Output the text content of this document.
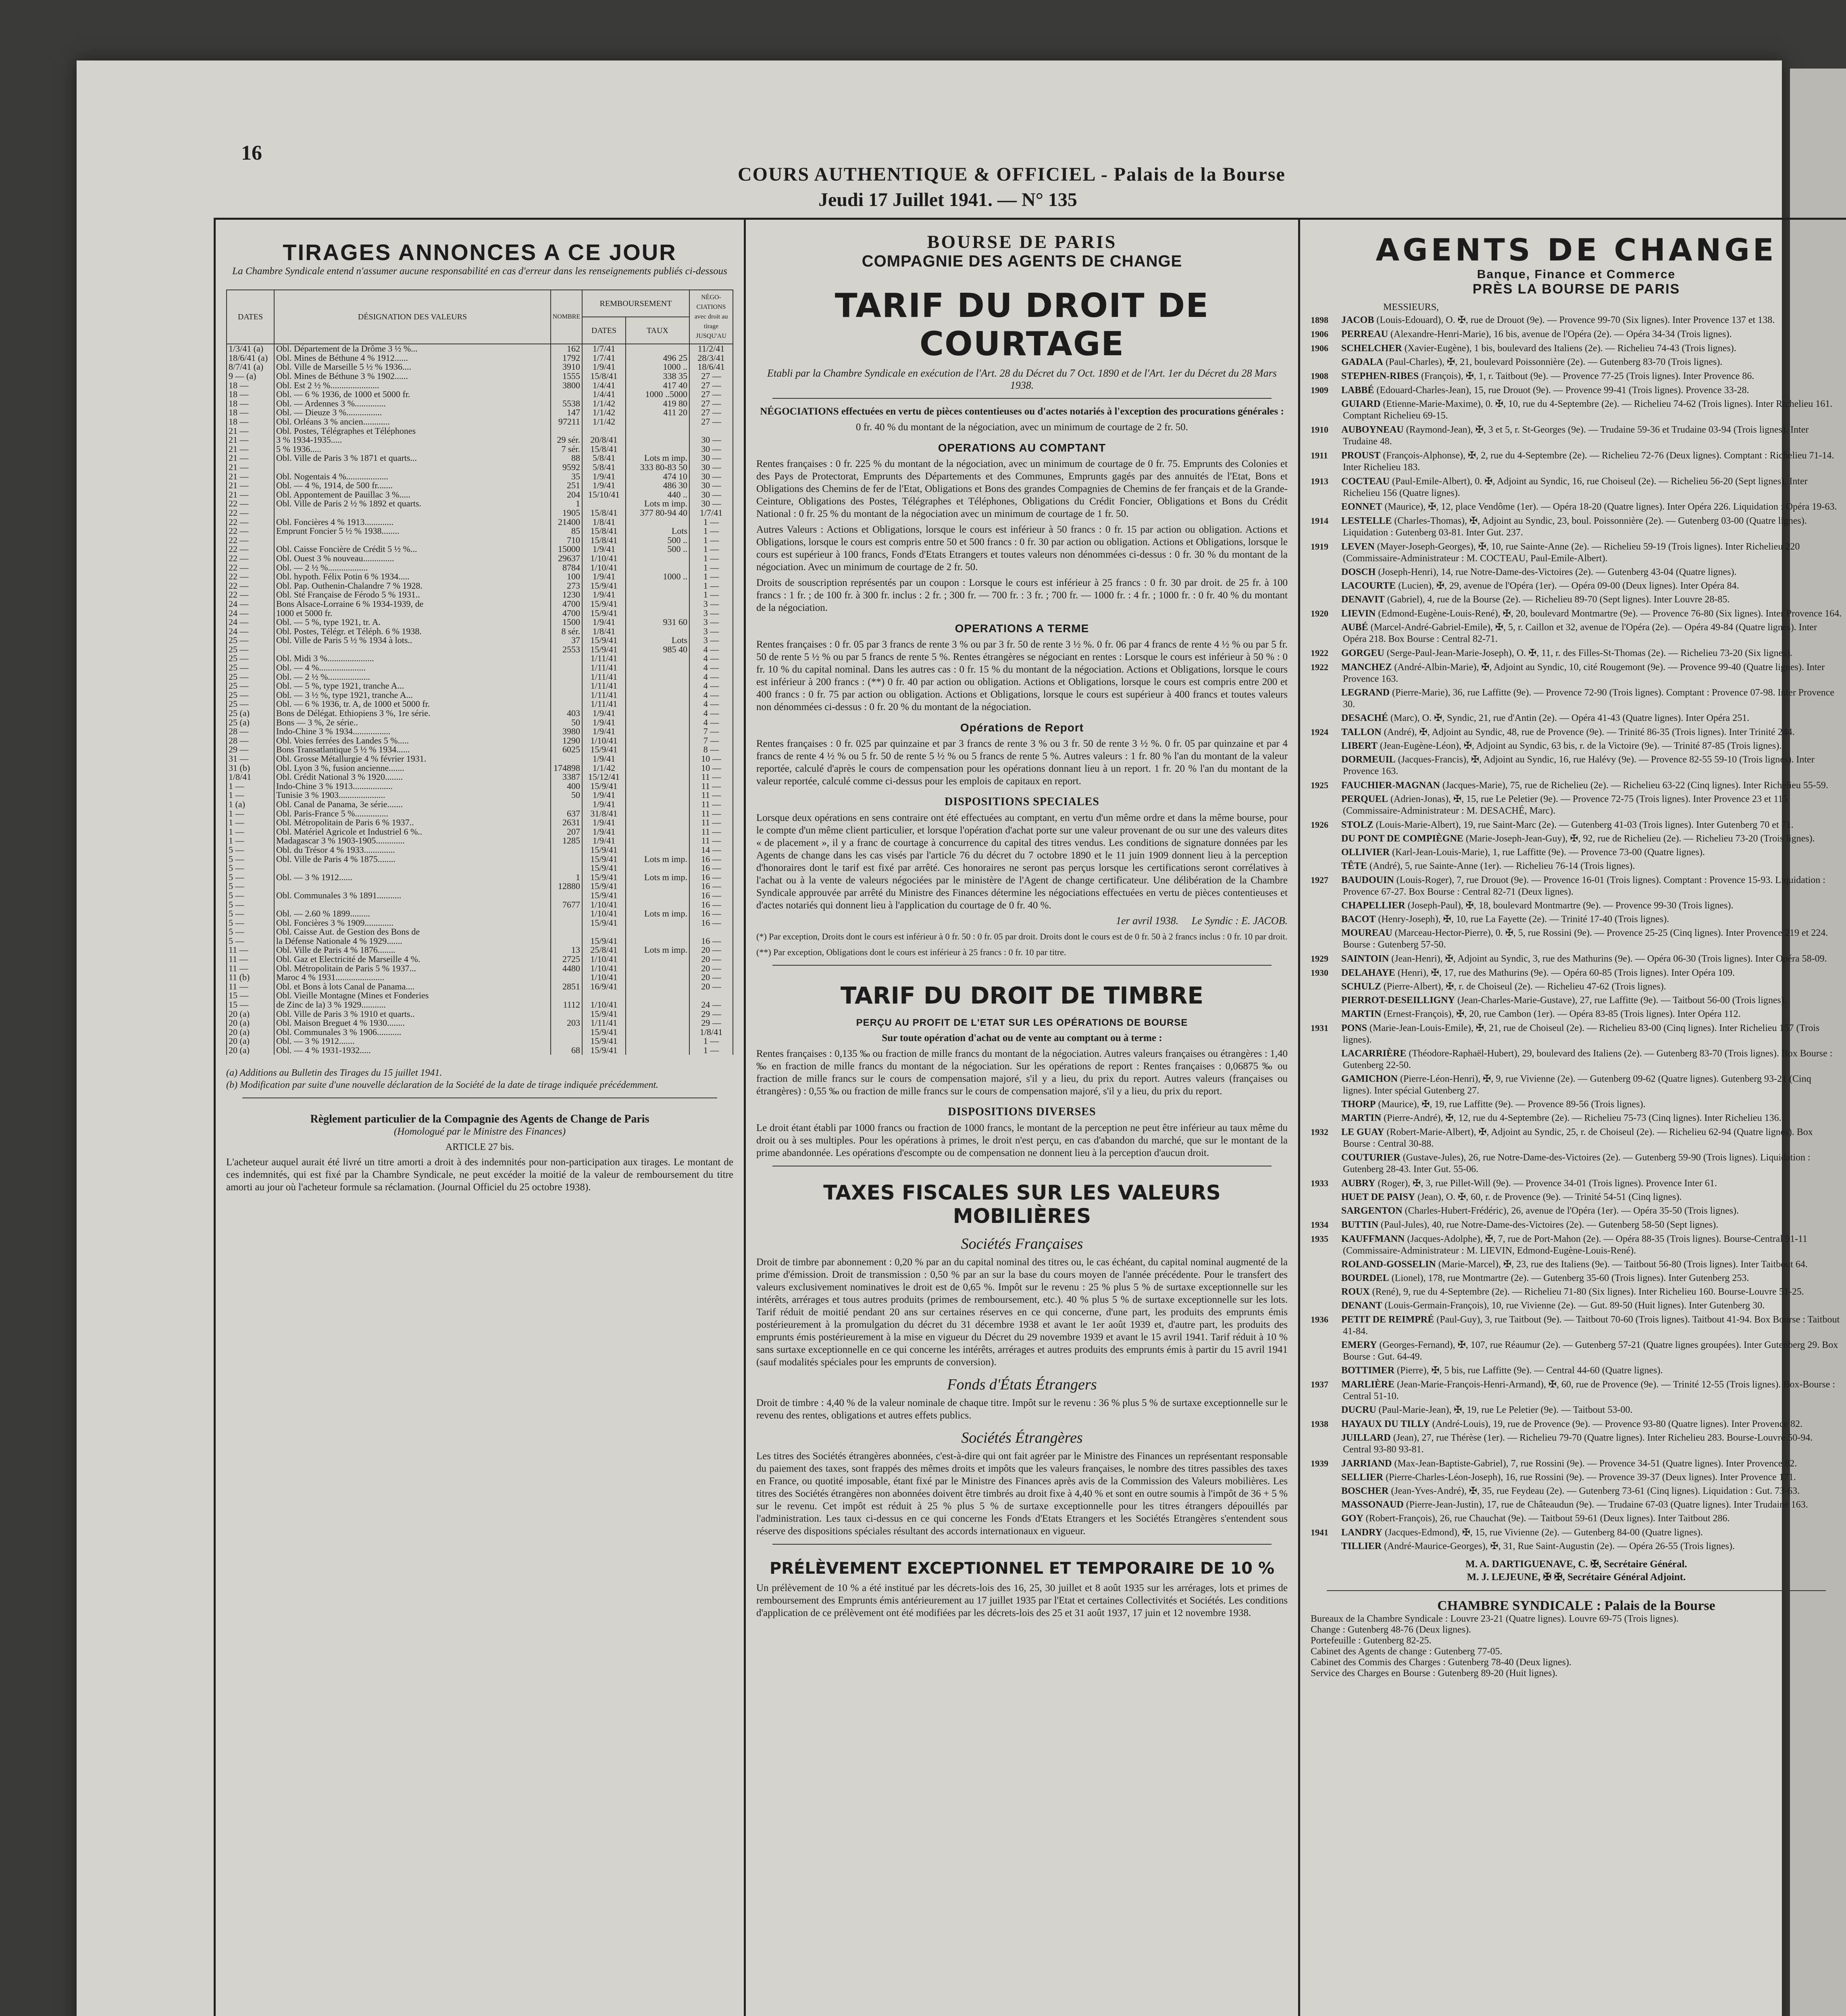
16
COURS AUTHENTIQUE & OFFICIEL - Palais de la Bourse
Jeudi 17 Juillet 1941. — N° 135
TIRAGES ANNONCES A CE JOUR
La Chambre Syndicale entend n'assumer aucune responsabilité en cas d'erreur dans les renseignements publiés ci-dessous
DATES	DÉSIGNATION DES VALEURS	NOMBRE	REMBOURSEMENT		NÉGO-CIATIONS avec droit au tirage JUSQU'AU
			DATES	TAUX	
1/3/41 (a)	Obl. Département de la Drôme 3 ½ %...	162	1/7/41		11/2/41
18/6/41 (a)	Obl. Mines de Béthune 4 % 1912......	1792	1/7/41	496 25	28/3/41
8/7/41 (a)	Obl. Ville de Marseille 5 ½ % 1936....	3910	1/9/41	1000 ..	18/6/41
9 — (a)	Obl. Mines de Béthune 3 % 1902......	1555	15/8/41	338 35	27 —
18 —	Obl. Est 2 ½ %......................	3800	1/4/41	417 40	27 —
18 —	Obl. — 6 % 1936, de 1000 et 5000 fr.		1/4/41	1000 ..5000	27 —
18 —	Obl. — Ardennes 3 %..............	5538	1/1/42	419 80	27 —
18 —	Obl. — Dieuze 3 %................	147	1/1/42	411 20	27 —
18 —	Obl. Orléans 3 % ancien............	97211	1/1/42		27 —
21 —	Obl. Postes, Télégraphes et Téléphones				
21 —	3 % 1934-1935.....	29 sér.	20/8/41		30 —
21 —	5 % 1936.....	7 sér.	15/8/41		30 —
21 —	Obl. Ville de Paris 3 % 1871 et quarts...	88	5/8/41	Lots m imp.	30 —
21 —		9592	5/8/41	333 80-83 50	30 —
21 —	Obl. Nogentais 4 %...................	35	1/9/41	474 10	30 —
21 —	Obl. — 4 %, 1914, de 500 fr.......	251	1/9/41	486 30	30 —
21 —	Obl. Appontement de Pauillac 3 %.....	204	15/10/41	440 ..	30 —
22 —	Obl. Ville de Paris 2 ½ % 1892 et quarts.	1		Lots m imp.	30 —
22 —		1905	15/8/41	377 80-94 40	1/7/41
22 —	Obl. Foncières 4 % 1913.............	21400	1/8/41		1 —
22 —	Emprunt Foncier 5 ½ % 1938........	85	15/8/41	Lots	1 —
22 —		710	15/8/41	500 ..	1 —
22 —	Obl. Caisse Foncière de Crédit 5 ½ %...	15000	1/9/41	500 ..	1 —
22 —	Obl. Ouest 3 % nouveau..............	29637	1/10/41		1 —
22 —	Obl. — 2 ½ %..................	8784	1/10/41		1 —
22 —	Obl. hypoth. Félix Potin 6 % 1934.....	100	1/9/41	1000 ..	1 —
22 —	Obl. Pap. Outhenin-Chalandre 7 % 1928.	273	15/9/41		1 —
22 —	Obl. Sté Française de Férodo 5 % 1931..	1230	1/9/41		1 —
24 —	Bons Alsace-Lorraine 6 % 1934-1939, de	4700	15/9/41		3 —
24 —	1000 et 5000 fr.	4700	15/9/41		3 —
24 —	Obl. — 5 %, type 1921, tr. A.	1500	1/9/41	931 60	3 —
24 —	Obl. Postes, Télégr. et Téléph. 6 % 1938.	8 sér.	1/8/41		3 —
25 —	Obl. Ville de Paris 5 ½ % 1934 à lots..	37	15/9/41	Lots	3 —
25 —		2553	15/9/41	985 40	4 —
25 —	Obl. Midi 3 %.....................		1/11/41		4 —
25 —	Obl. — 4 %.....................		1/11/41		4 —
25 —	Obl. — 2 ½ %...................		1/11/41		4 —
25 —	Obl. — 5 %, type 1921, tranche A...		1/11/41		4 —
25 —	Obl. — 3 ½ %, type 1921, tranche A...		1/11/41		4 —
25 —	Obl. — 6 % 1936, tr. A, de 1000 et 5000 fr.		1/11/41		4 —
25 (a)	Bons de Délégat. Ethiopiens 3 %, 1re série.	403	1/9/41		4 —
25 (a)	Bons — 3 %, 2e série..	50	1/9/41		4 —
28 —	Indo-Chine 3 % 1934.................	3980	1/9/41		7 —
28 —	Obl. Voies ferrées des Landes 5 %.....	1290	1/10/41		7 —
29 —	Bons Transatlantique 5 ½ % 1934......	6025	15/9/41		8 —
31 —	Obl. Grosse Métallurgie 4 % février 1931.		1/9/41		10 —
31 (b)	Obl. Lyon 3 %, fusion ancienne.......	174898	1/1/42		10 —
1/8/41	Obl. Crédit National 3 % 1920........	3387	15/12/41		11 —
1 —	Indo-Chine 3 % 1913..................	400	15/9/41		11 —
1 —	Tunisie 3 % 1903.....................	50	1/9/41		11 —
1 (a)	Obl. Canal de Panama, 3e série.......		1/9/41		11 —
1 —	Obl. Paris-France 5 %...............	637	31/8/41		11 —
1 —	Obl. Métropolitain de Paris 6 % 1937..	2631	1/9/41		11 —
1 —	Obl. Matériel Agricole et Industriel 6 %..	207	1/9/41		11 —
1 —	Madagascar 3 % 1903-1905.............	1285	1/9/41		11 —
5 —	Obl. du Trésor 4 % 1933..............		15/9/41		14 —
5 —	Obl. Ville de Paris 4 % 1875........		15/9/41	Lots m imp.	16 —
5 —			15/9/41		16 —
5 —	Obl. — 3 % 1912......	1	15/9/41	Lots m imp.	16 —
5 —		12880	15/9/41		16 —
5 —	Obl. Communales 3 % 1891...........		15/9/41		16 —
5 —		7677	1/10/41		16 —
5 —	Obl. — 2.60 % 1899.........		1/10/41	Lots m imp.	16 —
5 —	Obl. Foncières 3 % 1909.............		15/9/41		16 —
5 —	Obl. Caisse Aut. de Gestion des Bons de				
5 —	la Défense Nationale 4 % 1929.......		15/9/41		16 —
11 —	Obl. Ville de Paris 4 % 1876........	13	25/8/41	Lots m imp.	20 —
11 —	Obl. Gaz et Electricité de Marseille 4 %.	2725	1/10/41		20 —
11 —	Obl. Métropolitain de Paris 5 % 1937...	4480	1/10/41		20 —
11 (b)	Maroc 4 % 1931......................		1/10/41		20 —
11 —	Obl. et Bons à lots Canal de Panama....	2851	16/9/41		20 —
15 —	Obl. Vieille Montagne (Mines et Fonderies				
15 —	de Zinc de la) 3 % 1929...........	1112	1/10/41		24 —
20 (a)	Obl. Ville de Paris 3 % 1910 et quarts..		15/9/41		29 —
20 (a)	Obl. Maison Breguet 4 % 1930........	203	1/11/41		29 —
20 (a)	Obl. Communales 3 % 1906...........		15/9/41		1/8/41
20 (a)	Obl. — 3 % 1912.......		15/9/41		1 —
20 (a)	Obl. — 4 % 1931-1932.....	68	15/9/41		1 —
(a) Additions au Bulletin des Tirages du 15 juillet 1941.
(b) Modification par suite d'une nouvelle déclaration de la Société de la date de tirage indiquée précédemment.
Règlement particulier de la Compagnie des Agents de Change de Paris
(Homologué par le Ministre des Finances)
ARTICLE 27 bis.
L'acheteur auquel aurait été livré un titre amorti a droit à des indemnités pour non-participation aux tirages. Le montant de ces indemnités, qui est fixé par la Chambre Syndicale, ne peut excéder la moitié de la valeur de remboursement du titre amorti au jour où l'acheteur formule sa réclamation. (Journal Officiel du 25 octobre 1938).
BOURSE DE PARIS
COMPAGNIE DES AGENTS DE CHANGE
TARIF DU DROIT DE COURTAGE
Etabli par la Chambre Syndicale en exécution de l'Art. 28 du Décret du 7 Oct. 1890 et de l'Art. 1er du Décret du 28 Mars 1938.
NÉGOCIATIONS effectuées en vertu de pièces contentieuses ou d'actes notariés à l'exception des procurations générales :
0 fr. 40 % du montant de la négociation, avec un minimum de courtage de 2 fr. 50.
OPERATIONS AU COMPTANT
Rentes françaises : 0 fr. 225 % du montant de la négociation, avec un minimum de courtage de 0 fr. 75. Emprunts des Colonies et des Pays de Protectorat, Emprunts des Départements et des Communes, Emprunts gagés par des annuités de l'Etat, Bons et Obligations des Chemins de fer de l'Etat, Obligations et Bons des grandes Compagnies de Chemins de fer français et de la Grande-Ceinture, Obligations des Postes, Télégraphes et Téléphones, Obligations du Crédit Foncier, Obligations et Bons du Crédit National : 0 fr. 25 % du montant de la négociation avec un minimum de courtage de 1 fr. 50.
Autres Valeurs : Actions et Obligations, lorsque le cours est inférieur à 50 francs : 0 fr. 15 par action ou obligation. Actions et Obligations, lorsque le cours est compris entre 50 et 500 francs : 0 fr. 30 par action ou obligation. Actions et Obligations, lorsque le cours est supérieur à 100 francs, Fonds d'Etats Etrangers et toutes valeurs non dénommées ci-dessus : 0 fr. 30 % du montant de la négociation. Avec un minimum de courtage de 2 fr. 50.
Droits de souscription représentés par un coupon : Lorsque le cours est inférieur à 25 francs : 0 fr. 30 par droit. de 25 fr. à 100 francs : 1 fr. ; de 100 fr. à 300 fr. inclus : 2 fr. ; 300 fr. — 700 fr. : 3 fr. ; 700 fr. — 1000 fr. : 4 fr. ; 1000 fr. : 0 fr. 40 % du montant de la négociation.
OPERATIONS A TERME
Rentes françaises : 0 fr. 05 par 3 francs de rente 3 % ou par 3 fr. 50 de rente 3 ½ %. 0 fr. 06 par 4 francs de rente 4 ½ % ou par 5 fr. 50 de rente 5 ½ % ou par 5 francs de rente 5 %. Rentes étrangères se négociant en rentes : Lorsque le cours est inférieur à 50 % : 0 fr. 10 % du capital nominal. Dans les autres cas : 0 fr. 15 % du montant de la négociation. Actions et Obligations, lorsque le cours est inférieur à 200 francs : (**) 0 fr. 40 par action ou obligation. Actions et Obligations, lorsque le cours est compris entre 200 et 400 francs : 0 fr. 75 par action ou obligation. Actions et Obligations, lorsque le cours est supérieur à 400 francs et toutes valeurs non dénommées ci-dessus : 0 fr. 20 % du montant de la négociation.
Opérations de Report
Rentes françaises : 0 fr. 025 par quinzaine et par 3 francs de rente 3 % ou 3 fr. 50 de rente 3 ½ %. 0 fr. 05 par quinzaine et par 4 francs de rente 4 ½ % ou 5 fr. 50 de rente 5 ½ % ou 5 francs de rente 5 %. Autres valeurs : 1 fr. 80 % l'an du montant de la valeur reportée, calculé d'après le cours de compensation pour les opérations donnant lieu à un report. 1 fr. 20 % l'an du montant de la valeur reportée, calculé comme ci-dessus pour les emplois de capitaux en report.
DISPOSITIONS SPECIALES
Lorsque deux opérations en sens contraire ont été effectuées au comptant, en vertu d'un même ordre et dans la même bourse, pour le compte d'un même client particulier, et lorsque l'opération d'achat porte sur une valeur provenant de ou sur une des valeurs dites « de placement », il y a franc de courtage à concurrence du capital des titres vendus. Les conditions de signature données par les Agents de change dans les cas visés par l'article 76 du décret du 7 octobre 1890 et le 11 juin 1909 donnent lieu à la perception d'honoraires dont le tarif est fixé par arrêté. Ces honoraires ne seront pas perçus lorsque les certifications seront corrélatives à l'achat ou à la vente de valeurs négociées par le ministère de l'Agent de change certificateur. Une délibération de la Chambre Syndicale approuvée par arrêté du Ministre des Finances détermine les négociations effectuées en vertu de pièces contentieuses et d'actes notariés qui donnent lieu à l'application du courtage de 0 fr. 40 %.
1er avril 1938. Le Syndic : E. JACOB.
(*) Par exception, Droits dont le cours est inférieur à 0 fr. 50 : 0 fr. 05 par droit. Droits dont le cours est de 0 fr. 50 à 2 francs inclus : 0 fr. 10 par droit.
(**) Par exception, Obligations dont le cours est inférieur à 25 francs : 0 fr. 10 par titre.
TARIF DU DROIT DE TIMBRE
PERÇU AU PROFIT DE L'ETAT SUR LES OPÉRATIONS DE BOURSE
Sur toute opération d'achat ou de vente au comptant ou à terme :
Rentes françaises : 0,135 ‰ ou fraction de mille francs du montant de la négociation. Autres valeurs françaises ou étrangères : 1,40 ‰ en fraction de mille francs du montant de la négociation. Sur les opérations de report : Rentes françaises : 0,06875 ‰ ou fraction de mille francs sur le cours de compensation majoré, s'il y a lieu, du prix du report. Autres valeurs (françaises ou étrangères) : 0,55 ‰ ou fraction de mille francs sur le cours de compensation majoré, s'il y a lieu, du prix du report.
DISPOSITIONS DIVERSES
Le droit étant établi par 1000 francs ou fraction de 1000 francs, le montant de la perception ne peut être inférieur au taux même du droit ou à ses multiples. Pour les opérations à primes, le droit n'est perçu, en cas d'abandon du marché, que sur le montant de la prime abandonnée. Les opérations d'escompte ou de compensation ne donnent lieu à la perception d'aucun droit.
TAXES FISCALES SUR LES VALEURS MOBILIÈRES
Sociétés Françaises
Droit de timbre par abonnement : 0,20 % par an du capital nominal des titres ou, le cas échéant, du capital nominal augmenté de la prime d'émission. Droit de transmission : 0,50 % par an sur la base du cours moyen de l'année précédente. Pour le transfert des valeurs exclusivement nominatives le droit est de 0,65 %. Impôt sur le revenu : 25 % plus 5 % de surtaxe exceptionnelle sur les intérêts, arrérages et tous autres produits (primes de remboursement, etc.). 40 % plus 5 % de surtaxe exceptionnelle sur les lots. Tarif réduit de moitié pendant 20 ans sur certaines réserves en ce qui concerne, d'une part, les produits des emprunts émis postérieurement à la promulgation du décret du 31 décembre 1938 et avant le 1er août 1939 et, d'autre part, les produits des emprunts émis postérieurement à la mise en vigueur du Décret du 29 novembre 1939 et avant le 15 avril 1941. Tarif réduit à 10 % sans surtaxe exceptionnelle en ce qui concerne les intérêts, arrérages et autres produits des emprunts émis à partir du 15 avril 1941 (sauf modalités spéciales pour les emprunts de conversion).
Fonds d'États Étrangers
Droit de timbre : 4,40 % de la valeur nominale de chaque titre. Impôt sur le revenu : 36 % plus 5 % de surtaxe exceptionnelle sur le revenu des rentes, obligations et autres effets publics.
Sociétés Étrangères
Les titres des Sociétés étrangères abonnées, c'est-à-dire qui ont fait agréer par le Ministre des Finances un représentant responsable du paiement des taxes, sont frappés des mêmes droits et impôts que les valeurs françaises, le nombre des titres passibles des taxes en France, ou quotité imposable, étant fixé par le Ministre des Finances après avis de la Commission des Valeurs mobilières. Les titres des Sociétés étrangères non abonnées doivent être timbrés au droit fixe à 4,40 % et sont en outre soumis à l'impôt de 36 + 5 % sur le revenu. Cet impôt est réduit à 25 % plus 5 % de surtaxe exceptionnelle pour les titres étrangers dépouillés par l'administration. Les taux ci-dessus en ce qui concerne les Fonds d'Etats Etrangers et les Sociétés Etrangères s'entendent sous réserve des dispositions spéciales résultant des accords internationaux en vigueur.
PRÉLÈVEMENT EXCEPTIONNEL ET TEMPORAIRE DE 10 %
Un prélèvement de 10 % a été institué par les décrets-lois des 16, 25, 30 juillet et 8 août 1935 sur les arrérages, lots et primes de remboursement des Emprunts émis antérieurement au 17 juillet 1935 par l'Etat et certaines Collectivités et Sociétés. Les conditions d'application de ce prélèvement ont été modifiées par les décrets-lois des 25 et 31 août 1937, 17 juin et 12 novembre 1938.
AGENTS DE CHANGE
Banque, Finance et Commerce
PRÈS LA BOURSE DE PARIS
MESSIEURS,
1898 JACOB (Louis-Edouard), O. ✠, rue de Drouot (9e). — Provence 99-70 (Six lignes). Inter Provence 137 et 138.
1906 PERREAU (Alexandre-Henri-Marie), 16 bis, avenue de l'Opéra (2e). — Opéra 34-34 (Trois lignes).
1906 SCHELCHER (Xavier-Eugène), 1 bis, boulevard des Italiens (2e). — Richelieu 74-43 (Trois lignes).
GADALA (Paul-Charles), ✠, 21, boulevard Poissonnière (2e). — Gutenberg 83-70 (Trois lignes).
1908 STEPHEN-RIBES (François), ✠, 1, r. Taitbout (9e). — Provence 77-25 (Trois lignes). Inter Provence 86.
1909 LABBÉ (Edouard-Charles-Jean), 15, rue Drouot (9e). — Provence 99-41 (Trois lignes). Provence 33-28.
GUIARD (Etienne-Marie-Maxime), 0. ✠, 10, rue du 4-Septembre (2e). — Richelieu 74-62 (Trois lignes). Inter Richelieu 161. Comptant Richelieu 69-15.
1910 AUBOYNEAU (Raymond-Jean), ✠, 3 et 5, r. St-Georges (9e). — Trudaine 59-36 et Trudaine 03-94 (Trois lignes). Inter Trudaine 48.
1911 PROUST (François-Alphonse), ✠, 2, rue du 4-Septembre (2e). — Richelieu 72-76 (Deux lignes). Comptant : Richelieu 71-14. Inter Richelieu 183.
1913 COCTEAU (Paul-Emile-Albert), 0. ✠, Adjoint au Syndic, 16, rue Choiseul (2e). — Richelieu 56-20 (Sept lignes). Inter Richelieu 156 (Quatre lignes).
EONNET (Maurice), ✠, 12, place Vendôme (1er). — Opéra 18-20 (Quatre lignes). Inter Opéra 226. Liquidation : Opéra 19-63.
1914 LESTELLE (Charles-Thomas), ✠, Adjoint au Syndic, 23, boul. Poissonnière (2e). — Gutenberg 03-00 (Quatre lignes). Liquidation : Gutenberg 03-81. Inter Gut. 237.
1919 LEVEN (Mayer-Joseph-Georges), ✠, 10, rue Sainte-Anne (2e). — Richelieu 59-19 (Trois lignes). Inter Richelieu 220 (Commissaire-Administrateur : M. COCTEAU, Paul-Emile-Albert).
DOSCH (Joseph-Henri), 14, rue Notre-Dame-des-Victoires (2e). — Gutenberg 43-04 (Quatre lignes).
LACOURTE (Lucien), ✠, 29, avenue de l'Opéra (1er). — Opéra 09-00 (Deux lignes). Inter Opéra 84.
DENAVIT (Gabriel), 4, rue de la Bourse (2e). — Richelieu 89-70 (Sept lignes). Inter Louvre 28-85.
1920 LIEVIN (Edmond-Eugène-Louis-René), ✠, 20, boulevard Montmartre (9e). — Provence 76-80 (Six lignes). Inter Provence 164.
AUBÉ (Marcel-André-Gabriel-Emile), ✠, 5, r. Caillon et 32, avenue de l'Opéra (2e). — Opéra 49-84 (Quatre lignes). Inter Opéra 218. Box Bourse : Central 82-71.
1922 GORGEU (Serge-Paul-Jean-Marie-Joseph), O. ✠, 11, r. des Filles-St-Thomas (2e). — Richelieu 73-20 (Six lignes).
1922 MANCHEZ (André-Albin-Marie), ✠, Adjoint au Syndic, 10, cité Rougemont (9e). — Provence 99-40 (Quatre lignes). Inter Provence 163.
LEGRAND (Pierre-Marie), 36, rue Laffitte (9e). — Provence 72-90 (Trois lignes). Comptant : Provence 07-98. Inter Provence 30.
DESACHÉ (Marc), O. ✠, Syndic, 21, rue d'Antin (2e). — Opéra 41-43 (Quatre lignes). Inter Opéra 251.
1924 TALLON (André), ✠, Adjoint au Syndic, 48, rue de Provence (9e). — Trinité 86-35 (Trois lignes). Inter Trinité 244.
LIBERT (Jean-Eugène-Léon), ✠, Adjoint au Syndic, 63 bis, r. de la Victoire (9e). — Trinité 87-85 (Trois lignes).
DORMEUIL (Jacques-Francis), ✠, Adjoint au Syndic, 16, rue Halévy (9e). — Provence 82-55 59-10 (Trois lignes). Inter Provence 163.
1925 FAUCHIER-MAGNAN (Jacques-Marie), 75, rue de Richelieu (2e). — Richelieu 63-22 (Cinq lignes). Inter Richelieu 55-59.
PERQUEL (Adrien-Jonas), ✠, 15, rue Le Peletier (9e). — Provence 72-75 (Trois lignes). Inter Provence 23 et 115 (Commissaire-Administrateur : M. DESACHÉ, Marc).
1926 STOLZ (Louis-Marie-Albert), 19, rue Saint-Marc (2e). — Gutenberg 41-03 (Trois lignes). Inter Gutenberg 70 et 71.
DU PONT DE COMPIÈGNE (Marie-Joseph-Jean-Guy), ✠, 92, rue de Richelieu (2e). — Richelieu 73-20 (Trois lignes).
OLLIVIER (Karl-Jean-Louis-Marie), 1, rue Laffitte (9e). — Provence 73-00 (Quatre lignes).
TÊTE (André), 5, rue Sainte-Anne (1er). — Richelieu 76-14 (Trois lignes).
1927 BAUDOUIN (Louis-Roger), 7, rue Drouot (9e). — Provence 16-01 (Trois lignes). Comptant : Provence 15-93. Liquidation : Provence 67-27. Box Bourse : Central 82-71 (Deux lignes).
CHAPELLIER (Joseph-Paul), ✠, 18, boulevard Montmartre (9e). — Provence 99-30 (Trois lignes).
BACOT (Henry-Joseph), ✠, 10, rue La Fayette (2e). — Trinité 17-40 (Trois lignes).
MOUREAU (Marceau-Hector-Pierre), 0. ✠, 5, rue Rossini (9e). — Provence 25-25 (Cinq lignes). Inter Provence 219 et 224. Bourse : Gutenberg 57-50.
1929 SAINTOIN (Jean-Henri), ✠, Adjoint au Syndic, 3, rue des Mathurins (9e). — Opéra 06-30 (Trois lignes). Inter Opéra 58-09.
1930 DELAHAYE (Henri), ✠, 17, rue des Mathurins (9e). — Opéra 60-85 (Trois lignes). Inter Opéra 109.
SCHULZ (Pierre-Albert), ✠, r. de Choiseul (2e). — Richelieu 47-62 (Trois lignes).
PIERROT-DESEILLIGNY (Jean-Charles-Marie-Gustave), 27, rue Laffitte (9e). — Taitbout 56-00 (Trois lignes).
MARTIN (Ernest-François), ✠, 20, rue Cambon (1er). — Opéra 83-85 (Trois lignes). Inter Opéra 112.
1931 PONS (Marie-Jean-Louis-Emile), ✠, 21, rue de Choiseul (2e). — Richelieu 83-00 (Cinq lignes). Inter Richelieu 157 (Trois lignes).
LACARRIÈRE (Théodore-Raphaël-Hubert), 29, boulevard des Italiens (2e). — Gutenberg 83-70 (Trois lignes). Box Bourse : Gutenberg 22-50.
GAMICHON (Pierre-Léon-Henri), ✠, 9, rue Vivienne (2e). — Gutenberg 09-62 (Quatre lignes). Gutenberg 93-21 (Cinq lignes). Inter spécial Gutenberg 27.
THORP (Maurice), ✠, 19, rue Laffitte (9e). — Provence 89-56 (Trois lignes).
MARTIN (Pierre-André), ✠, 12, rue du 4-Septembre (2e). — Richelieu 75-73 (Cinq lignes). Inter Richelieu 136.
1932 LE GUAY (Robert-Marie-Albert), ✠, Adjoint au Syndic, 25, r. de Choiseul (2e). — Richelieu 62-94 (Quatre lignes). Box Bourse : Central 30-88.
COUTURIER (Gustave-Jules), 26, rue Notre-Dame-des-Victoires (2e). — Gutenberg 59-90 (Trois lignes). Liquidation : Gutenberg 28-43. Inter Gut. 55-06.
1933 AUBRY (Roger), ✠, 3, rue Pillet-Will (9e). — Provence 34-01 (Trois lignes). Provence Inter 61.
HUET DE PAISY (Jean), O. ✠, 60, r. de Provence (9e). — Trinité 54-51 (Cinq lignes).
SARGENTON (Charles-Hubert-Frédéric), 26, avenue de l'Opéra (1er). — Opéra 35-50 (Trois lignes).
1934 BUTTIN (Paul-Jules), 40, rue Notre-Dame-des-Victoires (2e). — Gutenberg 58-50 (Sept lignes).
1935 KAUFFMANN (Jacques-Adolphe), ✠, 7, rue de Port-Mahon (2e). — Opéra 88-35 (Trois lignes). Bourse-Central 91-11 (Commissaire-Administrateur : M. LIEVIN, Edmond-Eugène-Louis-René).
ROLAND-GOSSELIN (Marie-Marcel), ✠, 23, rue des Italiens (9e). — Taitbout 56-80 (Trois lignes). Inter Taitbout 64.
BOURDEL (Lionel), 178, rue Montmartre (2e). — Gutenberg 35-60 (Trois lignes). Inter Gutenberg 253.
ROUX (René), 9, rue du 4-Septembre (2e). — Richelieu 71-80 (Six lignes). Inter Richelieu 160. Bourse-Louvre 51-25.
DENANT (Louis-Germain-François), 10, rue Vivienne (2e). — Gut. 89-50 (Huit lignes). Inter Gutenberg 30.
1936 PETIT DE REIMPRÉ (Paul-Guy), 3, rue Taitbout (9e). — Taitbout 70-60 (Trois lignes). Taitbout 41-94. Box Bourse : Taitbout 41-84.
EMERY (Georges-Fernand), ✠, 107, rue Réaumur (2e). — Gutenberg 57-21 (Quatre lignes groupées). Inter Gutenberg 29. Box Bourse : Gut. 64-49.
BOTTIMER (Pierre), ✠, 5 bis, rue Laffitte (9e). — Central 44-60 (Quatre lignes).
1937 MARLIÈRE (Jean-Marie-François-Henri-Armand), ✠, 60, rue de Provence (9e). — Trinité 12-55 (Trois lignes). Box-Bourse : Central 51-10.
DUCRU (Paul-Marie-Jean), ✠, 19, rue Le Peletier (9e). — Taitbout 53-00.
1938 HAYAUX DU TILLY (André-Louis), 19, rue de Provence (9e). — Provence 93-80 (Quatre lignes). Inter Provence 82.
JUILLARD (Jean), 27, rue Thérèse (1er). — Richelieu 79-70 (Quatre lignes). Inter Richelieu 283. Bourse-Louvre 50-94. Central 93-80 93-81.
1939 JARRIAND (Max-Jean-Baptiste-Gabriel), 7, rue Rossini (9e). — Provence 34-51 (Quatre lignes). Inter Provence 82.
SELLIER (Pierre-Charles-Léon-Joseph), 16, rue Rossini (9e). — Provence 39-37 (Deux lignes). Inter Provence 171.
BOSCHER (Jean-Yves-André), ✠, 35, rue Feydeau (2e). — Gutenberg 73-61 (Cinq lignes). Liquidation : Gut. 73-63.
MASSONAUD (Pierre-Jean-Justin), 17, rue de Châteaudun (9e). — Trudaine 67-03 (Quatre lignes). Inter Trudaine 163.
GOY (Robert-François), 26, rue Chauchat (9e). — Taitbout 59-61 (Deux lignes). Inter Taitbout 286.
1941 LANDRY (Jacques-Edmond), ✠, 15, rue Vivienne (2e). — Gutenberg 84-00 (Quatre lignes).
TILLIER (André-Maurice-Georges), ✠, 31, Rue Saint-Augustin (2e). — Opéra 26-55 (Trois lignes).
M. A. DARTIGUENAVE, C. ✠, Secrétaire Général.
M. J. LEJEUNE, ✠ ✠, Secrétaire Général Adjoint.
CHAMBRE SYNDICALE : Palais de la Bourse
Bureaux de la Chambre Syndicale : Louvre 23-21 (Quatre lignes). Louvre 69-75 (Trois lignes).
Change : Gutenberg 48-76 (Deux lignes).
Portefeuille : Gutenberg 82-25.
Cabinet des Agents de change : Gutenberg 77-05.
Cabinet des Commis des Charges : Gutenberg 78-40 (Deux lignes).
Service des Charges en Bourse : Gutenberg 89-20 (Huit lignes).
